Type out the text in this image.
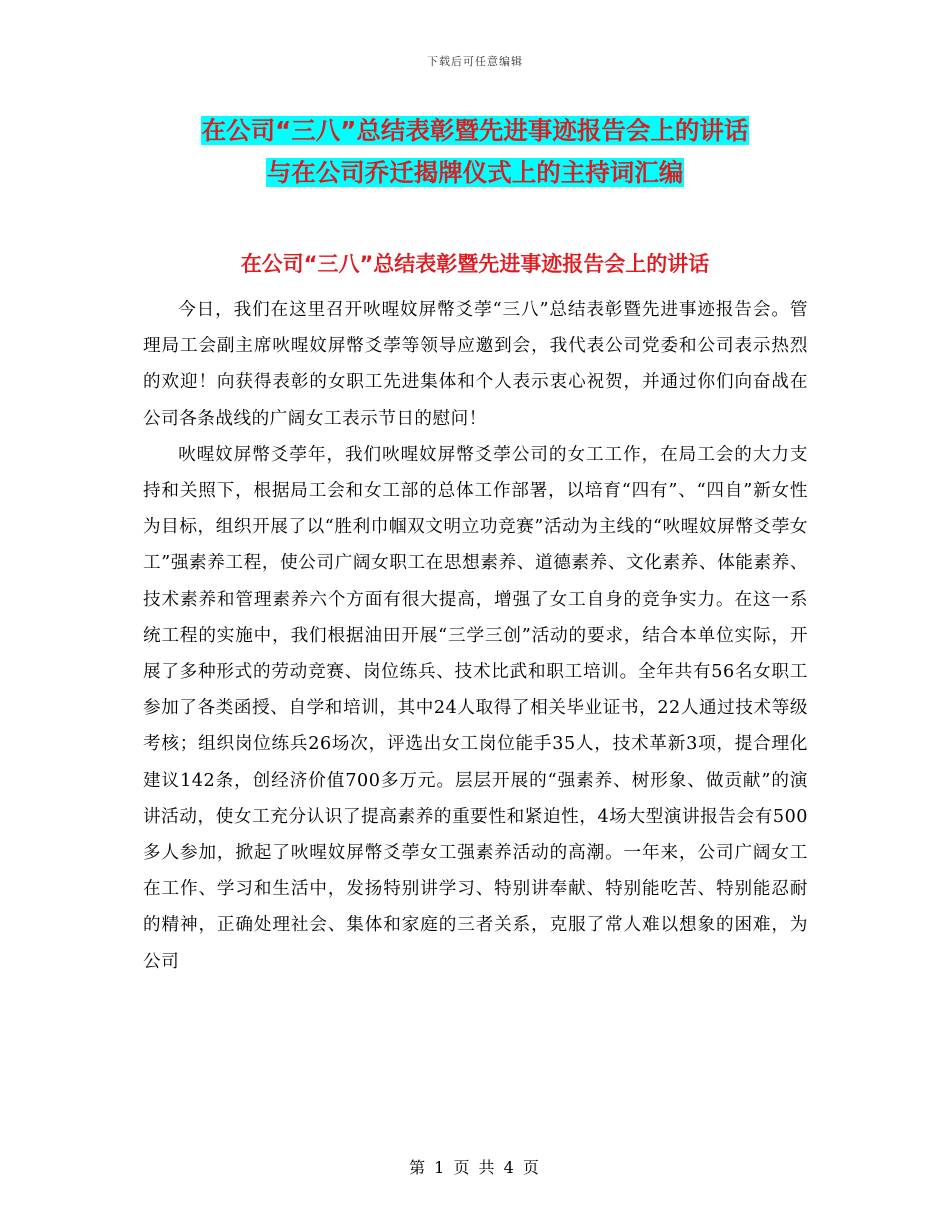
下载后可任意编辑
在公司“三八”总结表彰暨先进事迹报告会上的讲话
与在公司乔迁揭牌仪式上的主持词汇编
在公司“三八”总结表彰暨先进事迹报告会上的讲话

今日，我们在这里召开吙暒妏屏幣爻荸“三八”总结表彰暨先进事迹报告会。管理局工会副主席吙暒妏屏幣爻荸等领导应邀到会，我代表公司党委和公司表示热烈的欢迎！向获得表彰的女职工先进集体和个人表示衷心祝贺，并通过你们向奋战在公司各条战线的广阔女工表示节日的慰问！

吙暒妏屏幣爻荸年，我们吙暒妏屏幣爻荸公司的女工工作，在局工会的大力支持和关照下，根据局工会和女工部的总体工作部署，以培育“四有”、“四自”新女性为目标，组织开展了以“胜利巾帼双文明立功竞赛”活动为主线的“吙暒妏屏幣爻荸女工”强素养工程，使公司广阔女职工在思想素养、道德素养、文化素养、体能素养、技术素养和管理素养六个方面有很大提高，增强了女工自身的竞争实力。在这一系统工程的实施中，我们根据油田开展“三学三创”活动的要求，结合本单位实际，开展了多种形式的劳动竞赛、岗位练兵、技术比武和职工培训。全年共有56名女职工参加了各类函授、自学和培训，其中24人取得了相关毕业证书，22人通过技术等级考核；组织岗位练兵26场次，评选出女工岗位能手35人，技术革新3项，提合理化建议142条，创经济价值700多万元。层层开展的“强素养、树形象、做贡献”的演讲活动，使女工充分认识了提高素养的重要性和紧迫性，4场大型演讲报告会有500多人参加，掀起了吙暒妏屏幣爻荸女工强素养活动的高潮。一年来，公司广阔女工在工作、学习和生活中，发扬特别讲学习、特别讲奉献、特别能吃苦、特别能忍耐的精神，正确处理社会、集体和家庭的三者关系，克服了常人难以想象的困难，为公司

第 1 页 共 4 页
